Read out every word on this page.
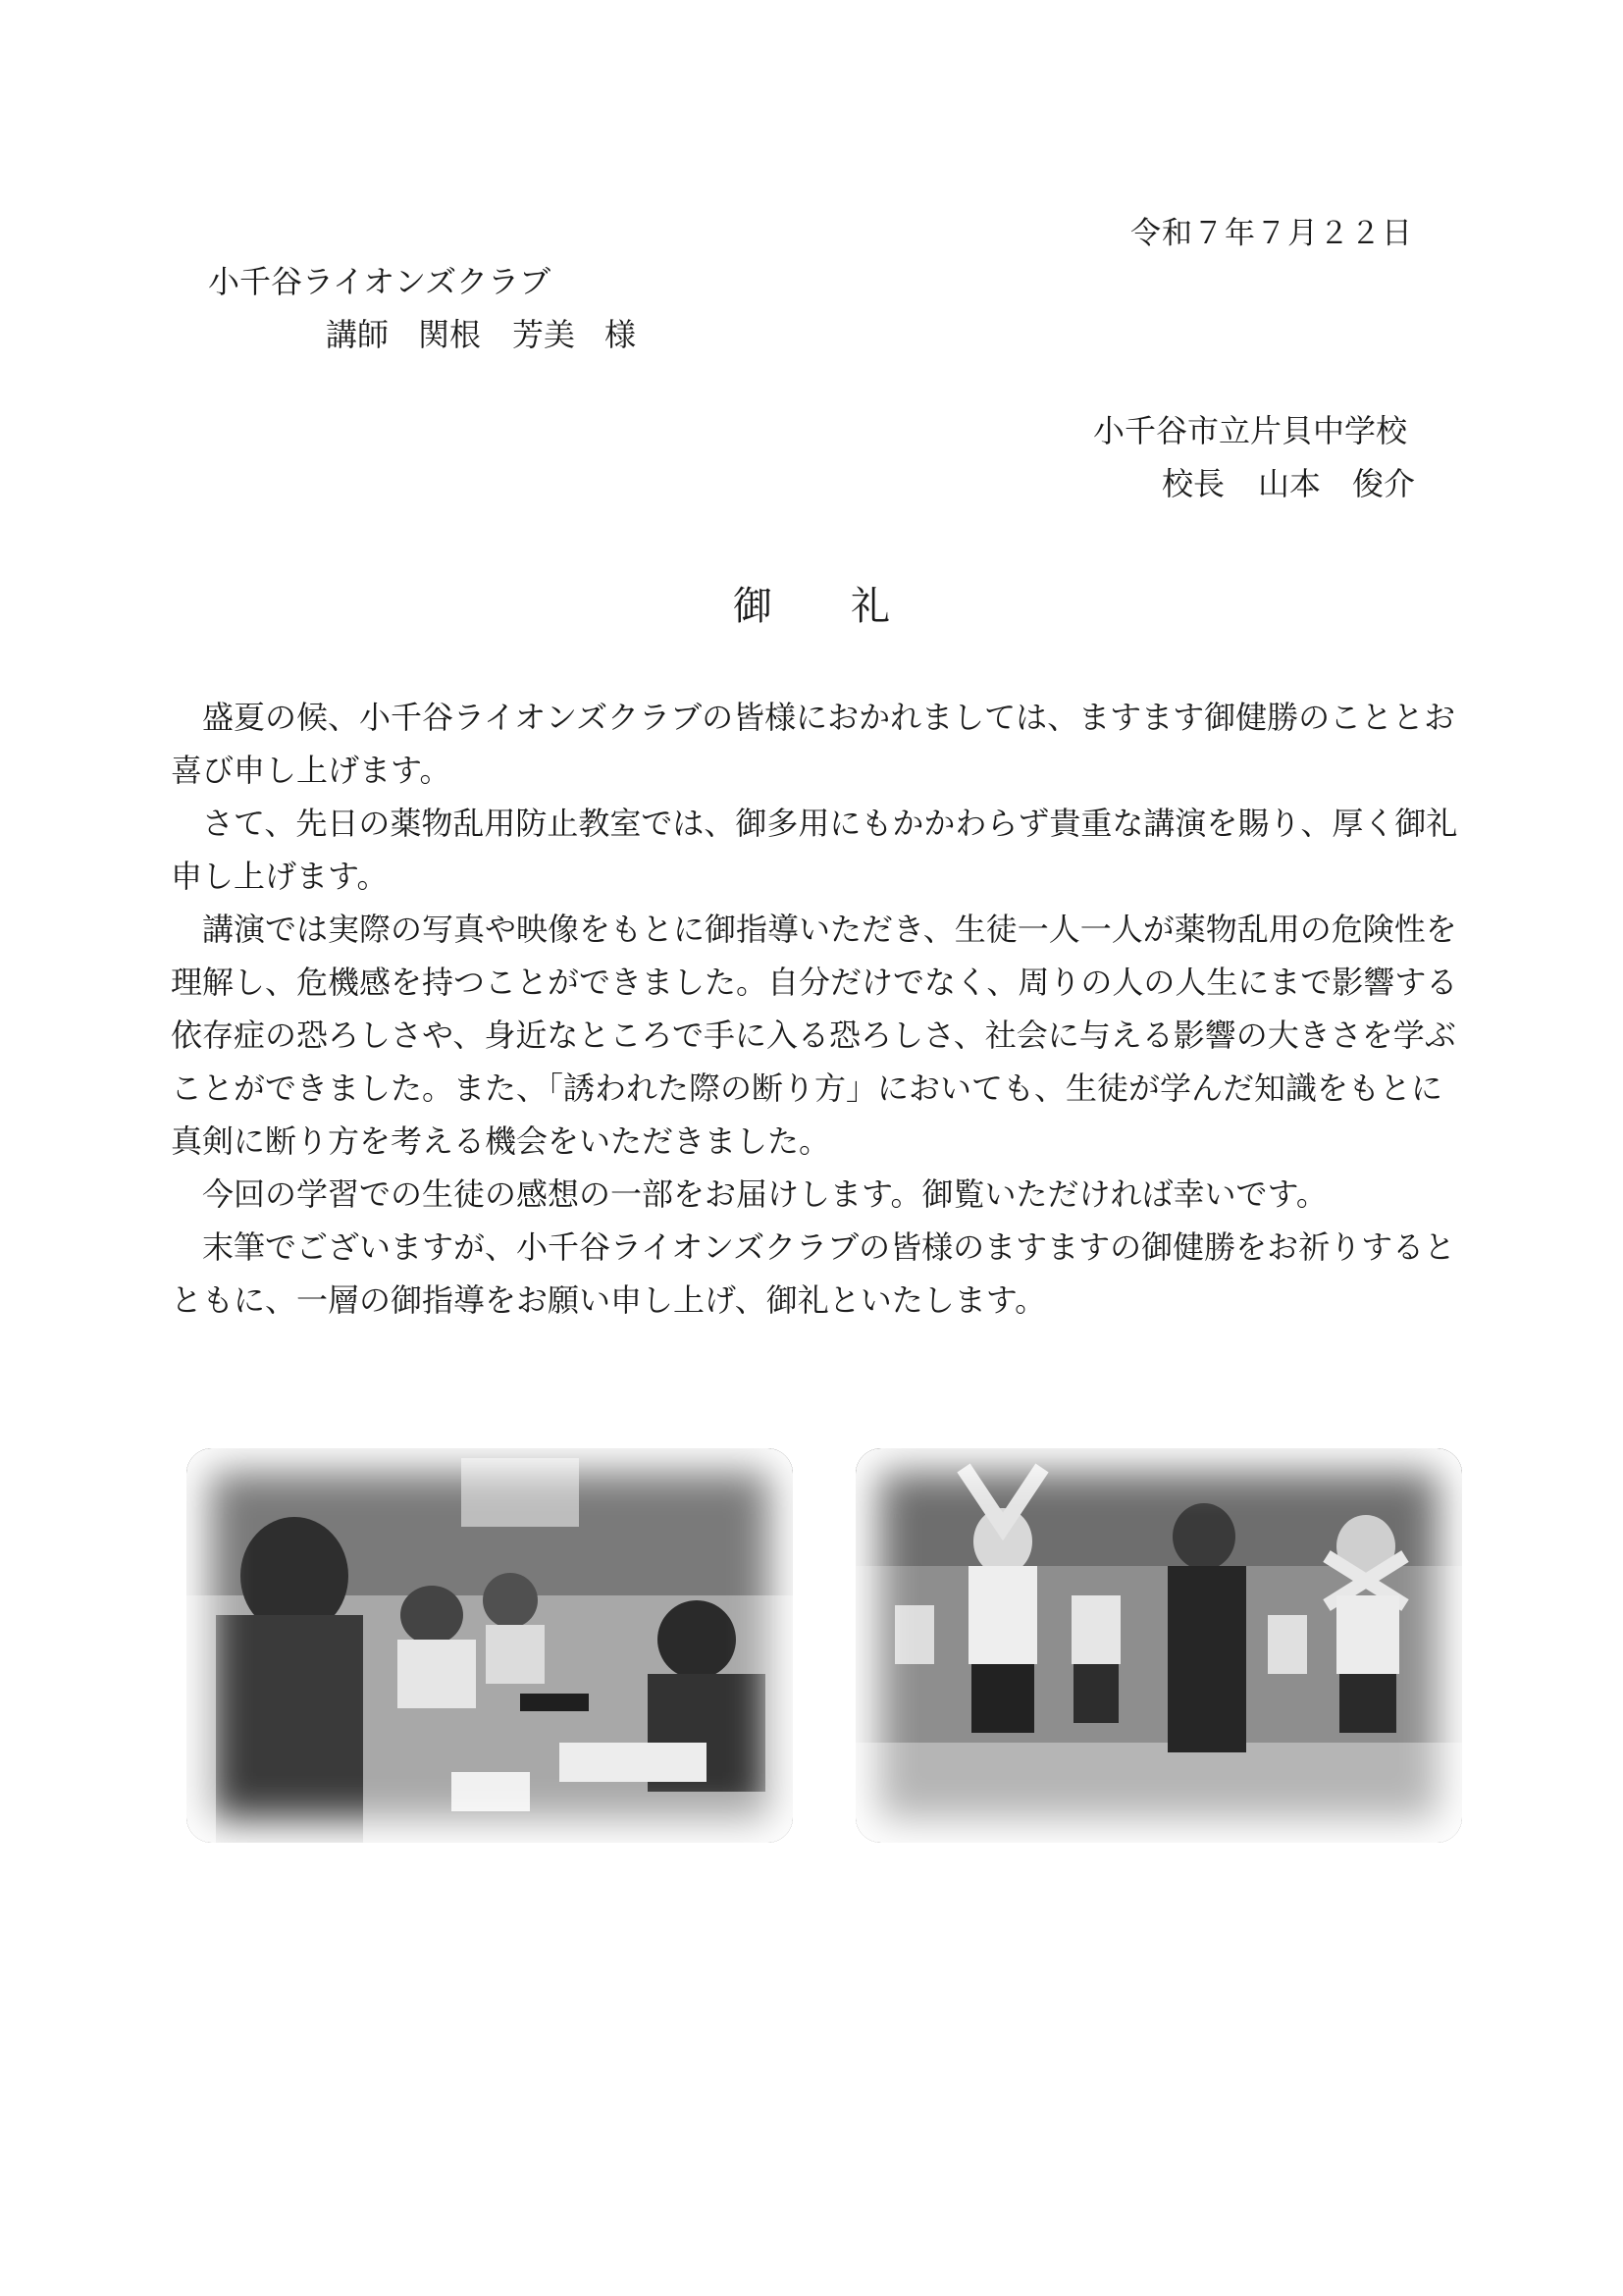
令和７年７月２２日
小千谷ライオンズクラブ
講師 関根　芳美 様
小千谷市立片貝中学校
校長 山本　俊介
御礼

盛夏の候、小千谷ライオンズクラブの皆様におかれましては、ますます御健勝のこととお喜び申し上げます。

さて、先日の薬物乱用防止教室では、御多用にもかかわらず貴重な講演を賜り、厚く御礼申し上げます。

講演では実際の写真や映像をもとに御指導いただき、生徒一人一人が薬物乱用の危険性を理解し、危機感を持つことができました。自分だけでなく、周りの人の人生にまで影響する依存症の恐ろしさや、身近なところで手に入る恐ろしさ、社会に与える影響の大きさを学ぶことができました。また、「誘われた際の断り方」においても、生徒が学んだ知識をもとに真剣に断り方を考える機会をいただきました。

今回の学習での生徒の感想の一部をお届けします。御覧いただければ幸いです。

末筆でございますが、小千谷ライオンズクラブの皆様のますますの御健勝をお祈りするとともに、一層の御指導をお願い申し上げ、御礼といたします。
